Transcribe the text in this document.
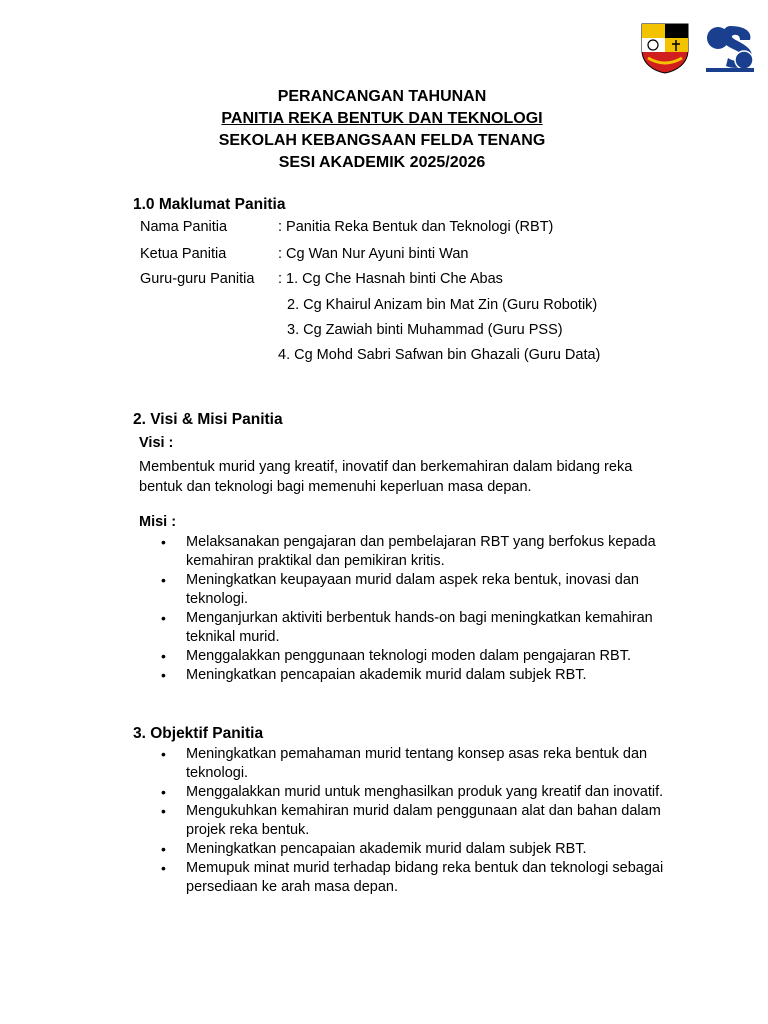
PERANCANGAN TAHUNAN
PANITIA REKA BENTUK DAN TEKNOLOGI
SEKOLAH KEBANGSAAN FELDA TENANG
SESI AKADEMIK 2025/2026
1.0 Maklumat Panitia
Nama Panitia	: Panitia Reka Bentuk dan Teknologi (RBT)
Ketua Panitia	: Cg Wan Nur Ayuni binti Wan
Guru-guru Panitia : 1. Cg Che Hasnah binti Che Abas
2. Cg Khairul Anizam bin Mat Zin (Guru Robotik)
3. Cg Zawiah binti Muhammad (Guru PSS)
4. Cg Mohd Sabri Safwan bin Ghazali (Guru Data)
2. Visi & Misi Panitia
Visi :
Membentuk murid yang kreatif, inovatif dan berkemahiran dalam bidang reka bentuk dan teknologi bagi memenuhi keperluan masa depan.
Misi :
• Melaksanakan pengajaran dan pembelajaran RBT yang berfokus kepada kemahiran praktikal dan pemikiran kritis.
• Meningkatkan keupayaan murid dalam aspek reka bentuk, inovasi dan teknologi.
• Menganjurkan aktiviti berbentuk hands-on bagi meningkatkan kemahiran teknikal murid.
• Menggalakkan penggunaan teknologi moden dalam pengajaran RBT.
• Meningkatkan pencapaian akademik murid dalam subjek RBT.
3. Objektif Panitia
• Meningkatkan pemahaman murid tentang konsep asas reka bentuk dan teknologi.
• Menggalakkan murid untuk menghasilkan produk yang kreatif dan inovatif.
• Mengukuhkan kemahiran murid dalam penggunaan alat dan bahan dalam projek reka bentuk.
• Meningkatkan pencapaian akademik murid dalam subjek RBT.
• Memupuk minat murid terhadap bidang reka bentuk dan teknologi sebagai persediaan ke arah masa depan.
